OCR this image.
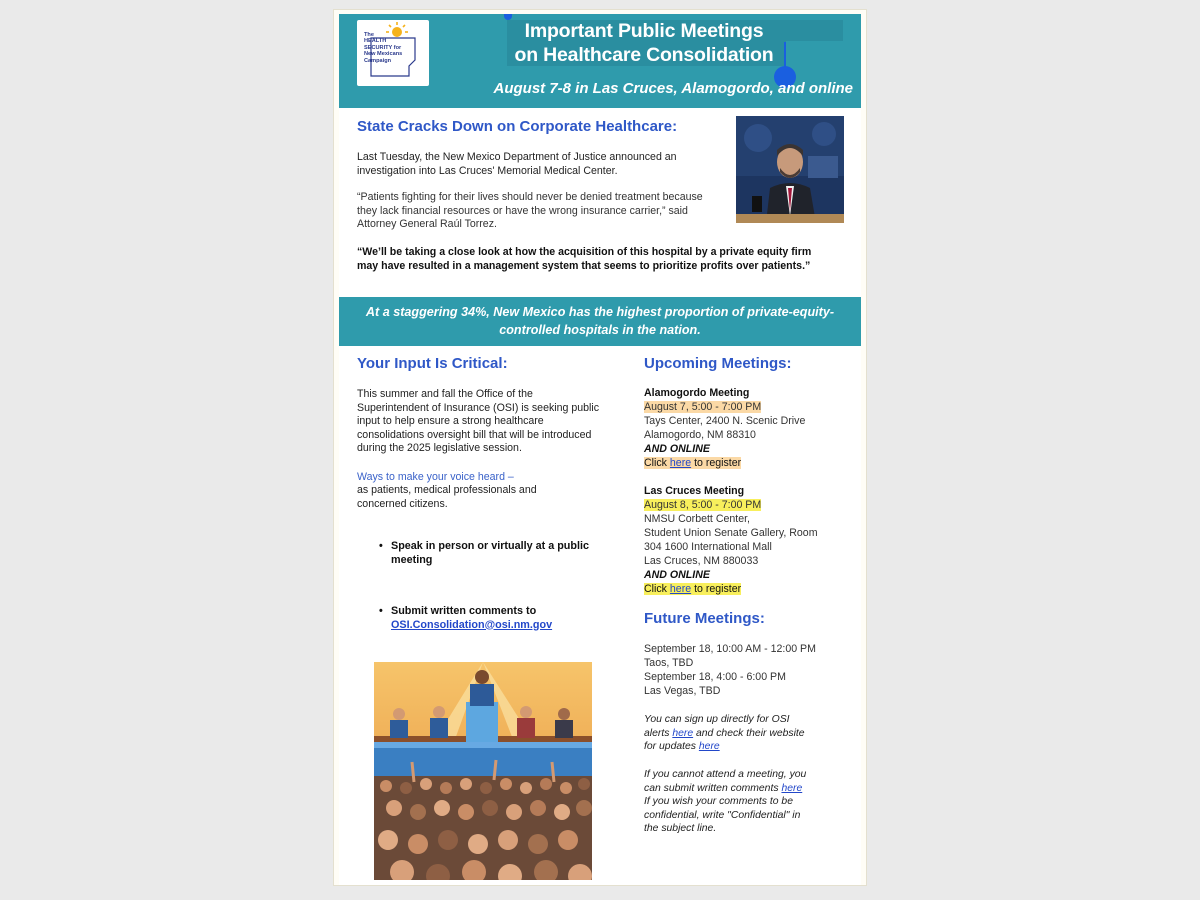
The
HEALTH
SECURITY for
New Mexicans
Campaign
Important Public Meetings
on Healthcare Consolidation
August 7-8 in Las Cruces, Alamogordo, and online

State Cracks Down on Corporate Healthcare:

Last Tuesday, the New Mexico Department of Justice announced an investigation into Las Cruces' Memorial Medical Center.

“Patients fighting for their lives should never be denied treatment because they lack financial resources or have the wrong insurance carrier,” said Attorney General Raúl Torrez.

“We’ll be taking a close look at how the acquisition of this hospital by a private equity firm may have resulted in a management system that seems to prioritize profits over patients.”

At a staggering 34%, New Mexico has the highest proportion of private-equity-controlled hospitals in the nation.

Your Input Is Critical:

This summer and fall the Office of the Superintendent of Insurance (OSI) is seeking public input to help ensure a strong healthcare consolidations oversight bill that will be introduced during the 2025 legislative session.

Ways to make your voice heard –

as patients, medical professionals and concerned citizens.

• Speak in person or virtually at a public meeting
• Submit written comments to
OSI.Consolidation@osi.nm.gov

Upcoming Meetings:

Alamogordo Meeting
August 7, 5:00 - 7:00 PM
Tays Center, 2400 N. Scenic Drive
Alamogordo, NM 88310
AND ONLINE
Click here to register
Las Cruces Meeting
August 8, 5:00 - 7:00 PM
NMSU Corbett Center,
Student Union Senate Gallery, Room
304 1600 International Mall
Las Cruces, NM 880033
AND ONLINE
Click here to register

Future Meetings:

September 18, 10:00 AM - 12:00 PM
Taos, TBD
September 18, 4:00 - 6:00 PM
Las Vegas, TBD
You can sign up directly for OSI
alerts here and check their website
for updates here
If you cannot attend a meeting, you
can submit written comments here
If you wish your comments to be
confidential, write "Confidential" in
the subject line.
